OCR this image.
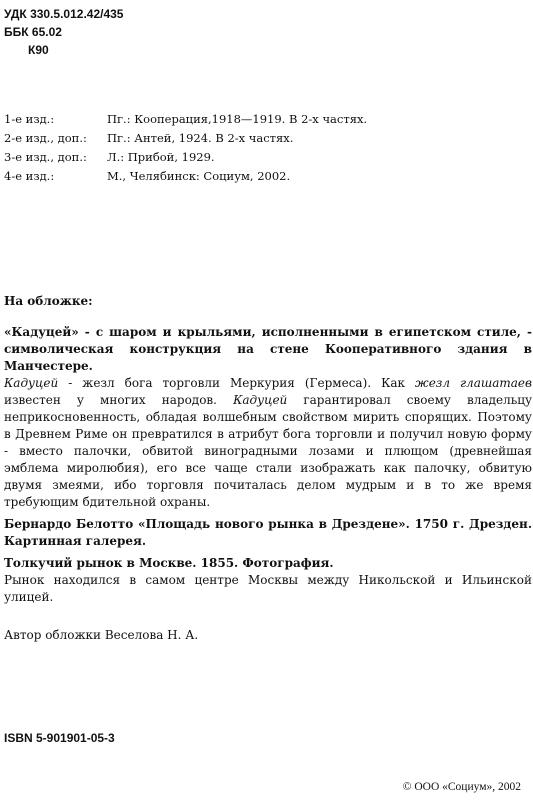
УДК 330.5.012.42/435
ББК 65.02
К90
1-е изд.:	Пг.: Кооперация,1918—1919. В 2-х частях.
2-е изд., доп.:	Пг.: Антей, 1924. В 2-х частях.
3-е изд., доп.:	Л.: Прибой, 1929.
4-е изд.:	М., Челябинск: Социум, 2002.
На обложке:
«Кадуцей» - с шаром и крыльями, исполненными в египетском стиле, - символическая конструкция на стене Кооперативного здания в Манчестере.
Кадуцей - жезл бога торговли Меркурия (Гермеса). Как жезл глашатаев известен у многих народов. Кадуцей гарантировал своему владельцу неприкосновенность, обладая волшебным свойством мирить спорящих. Поэтому в Древнем Риме он превратился в атрибут бога торговли и получил новую форму - вместо палочки, обвитой виноградными лозами и плющом (древнейшая эмблема миролюбия), его все чаще стали изображать как палочку, обвитую двумя змеями, ибо торговля почиталась делом мудрым и в то же время требующим бдительной охраны.
Бернардо Белотто «Площадь нового рынка в Дрездене». 1750 г. Дрезден. Картинная галерея.
Толкучий рынок в Москве. 1855. Фотография.
Рынок находился в самом центре Москвы между Никольской и Ильинской улицей.
Автор обложки Веселова Н. А.
ISBN 5-901901-05-3
© ООО «Социум», 2002
